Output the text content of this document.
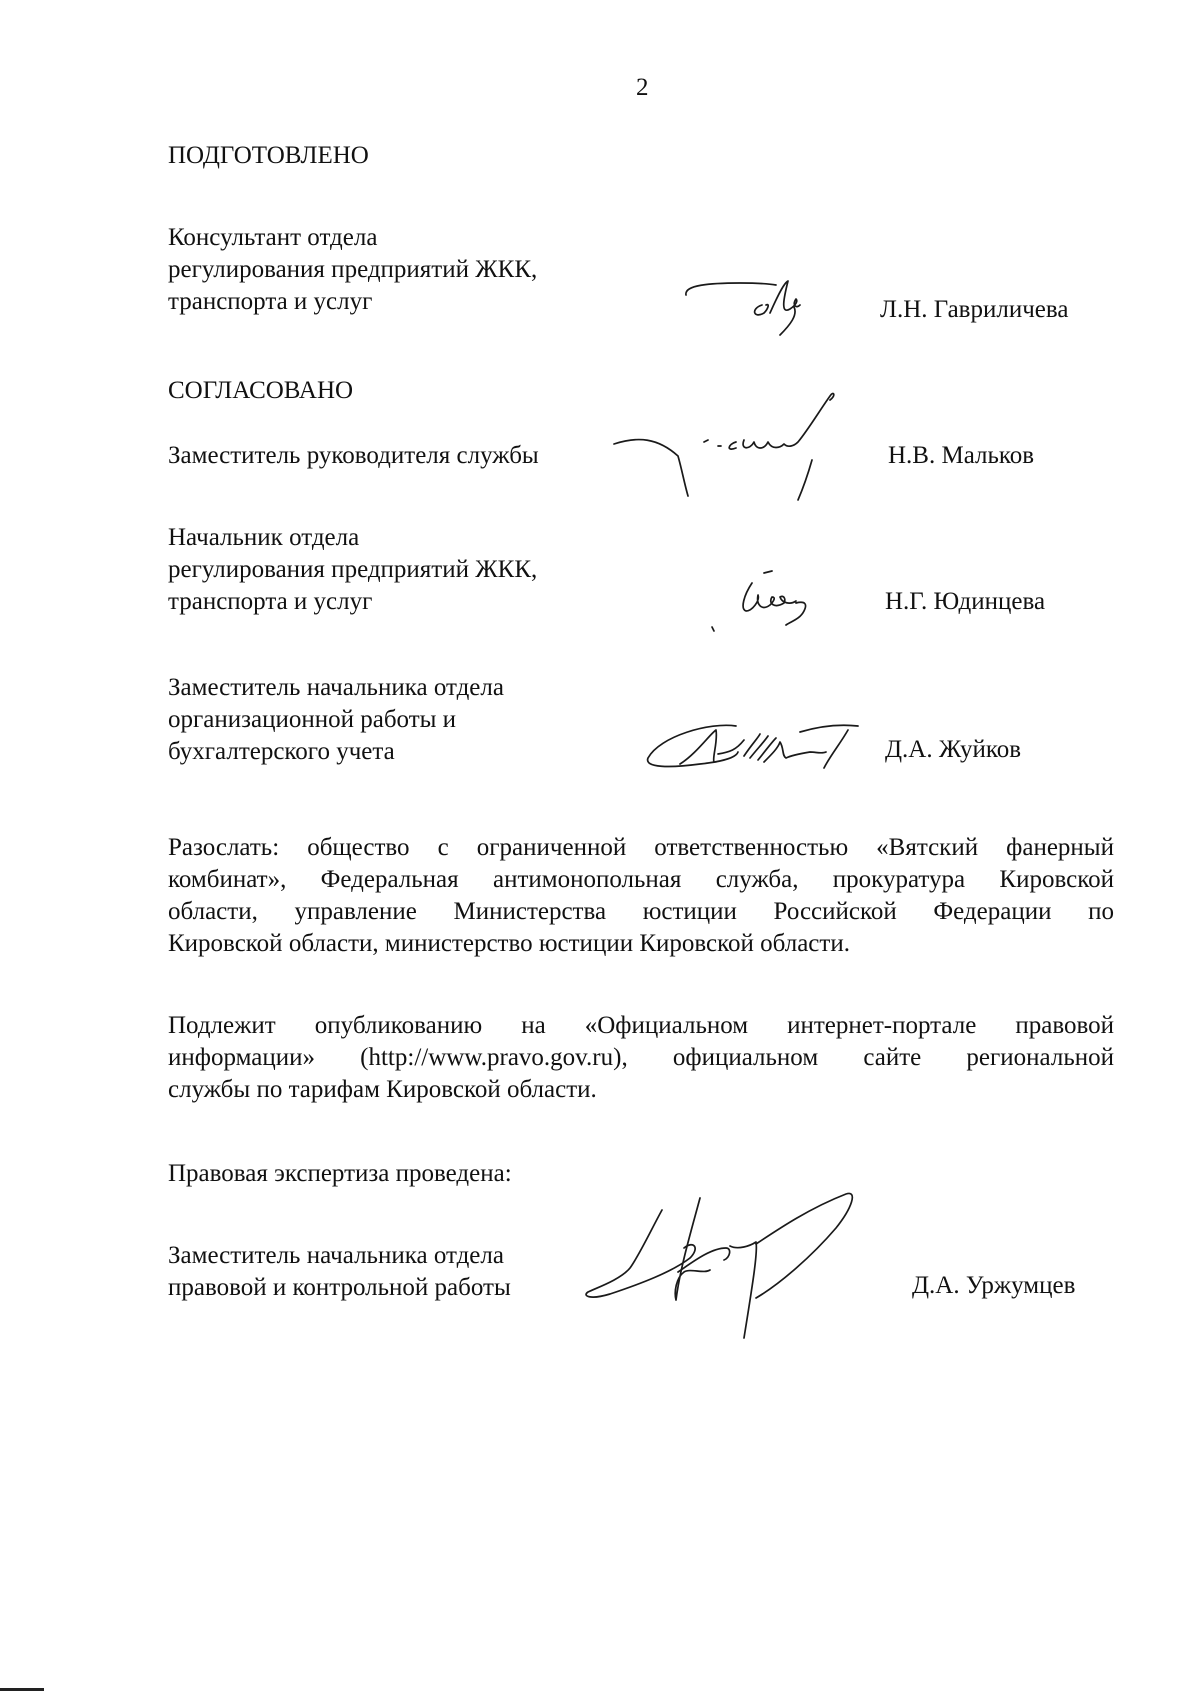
2
ПОДГОТОВЛЕНО
Консультант отдела
регулирования предприятий ЖКК,
транспорта и услуг	Л.Н. Гавриличева
СОГЛАСОВАНО
Заместитель руководителя службы	Н.В. Мальков
Начальник отдела
регулирования предприятий ЖКК,
транспорта и услуг	Н.Г. Юдинцева
Заместитель начальника отдела
организационной работы и
бухгалтерского учета	Д.А. Жуйков
Разослать: общество с ограниченной ответственностью «Вятский фанерный
комбинат», Федеральная антимонопольная служба, прокуратура Кировской
области, управление Министерства юстиции Российской Федерации по
Кировской области, министерство юстиции Кировской области.
Подлежит опубликованию на «Официальном интернет-портале правовой
информации» (http://www.pravo.gov.ru), официальном сайте региональной
службы по тарифам Кировской области.
Правовая экспертиза проведена:
Заместитель начальника отдела
правовой и контрольной работы	Д.А. Уржумцев
